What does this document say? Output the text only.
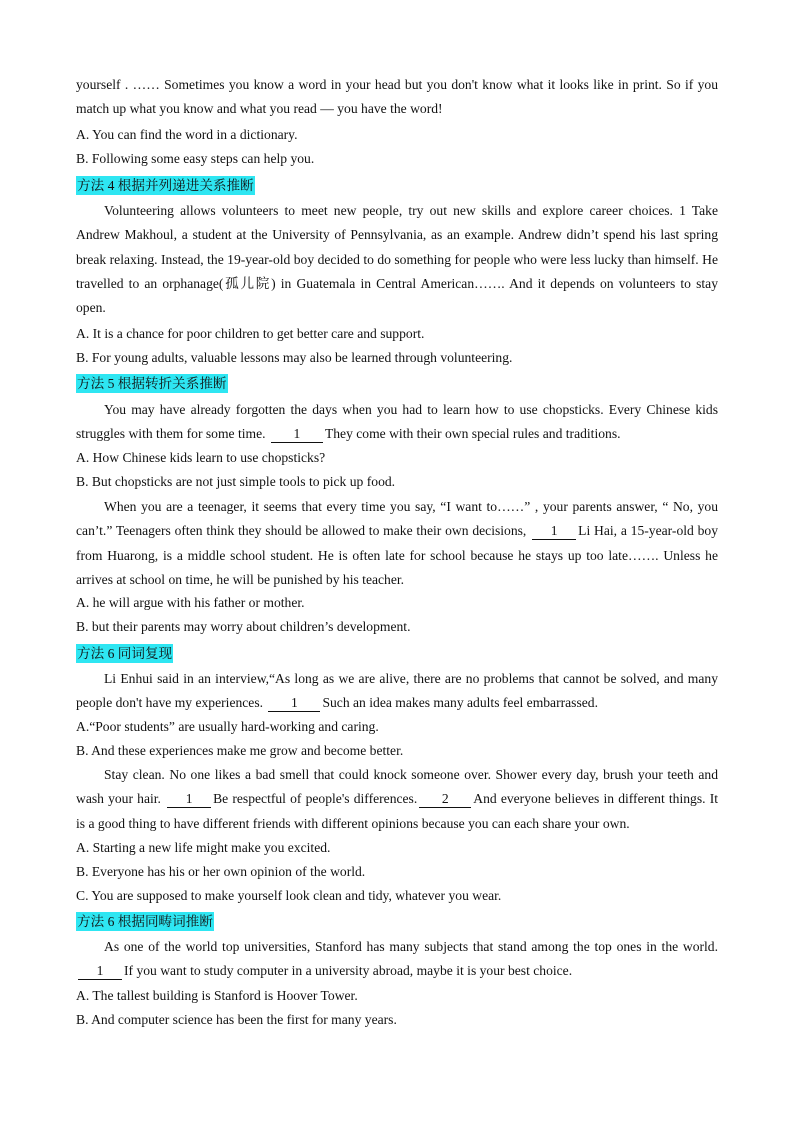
yourself . …… Sometimes you know a word in your head but you don't know what it looks like in print. So if you match up what you know and what you read — you have the word!
A. You can find the word in a dictionary.
B. Following some easy steps can help you.
方法 4 根据并列递进关系推断
Volunteering allows volunteers to meet new people, try out new skills and explore career choices. 1 Take Andrew Makhoul, a student at the University of Pennsylvania, as an example. Andrew didn’t spend his last spring break relaxing. Instead, the 19-year-old boy decided to do something for people who were less lucky than himself. He travelled to an orphanage(孤儿院) in Guatemala in Central American……. And it depends on volunteers to stay open.
A. It is a chance for poor children to get better care and support.
B. For young adults, valuable lessons may also be learned through volunteering.
方法 5 根据转折关系推断
You may have already forgotten the days when you had to learn how to use chopsticks. Every Chinese kids struggles with them for some time. 1 They come with their own special rules and traditions.
A. How Chinese kids learn to use chopsticks?
B. But chopsticks are not just simple tools to pick up food.
When you are a teenager, it seems that every time you say, “I want to……” , your parents answer, “ No, you can’t.” Teenagers often think they should be allowed to make their own decisions, 1 Li Hai, a 15-year-old boy from Huarong, is a middle school student. He is often late for school because he stays up too late……. Unless he arrives at school on time, he will be punished by his teacher.
A. he will argue with his father or mother.
B. but their parents may worry about children’s development.
方法 6 同词复现
Li Enhui said in an interview,“As long as we are alive, there are no problems that cannot be solved, and many people don't have my experiences. 1 Such an idea makes many adults feel embarrassed.
A.“Poor students” are usually hard-working and caring.
B. And these experiences make me grow and become better.
Stay clean. No one likes a bad smell that could knock someone over. Shower every day, brush your teeth and wash your hair. 1 Be respectful of people's differences. 2 And everyone believes in different things. It is a good thing to have different friends with different opinions because you can each share your own.
A. Starting a new life might make you excited.
B. Everyone has his or her own opinion of the world.
C. You are supposed to make yourself look clean and tidy, whatever you wear.
方法 6 根据同畴词推断
As one of the world top universities, Stanford has many subjects that stand among the top ones in the world. 1 If you want to study computer in a university abroad, maybe it is your best choice.
A. The tallest building is Stanford is Hoover Tower.
B. And computer science has been the first for many years.
